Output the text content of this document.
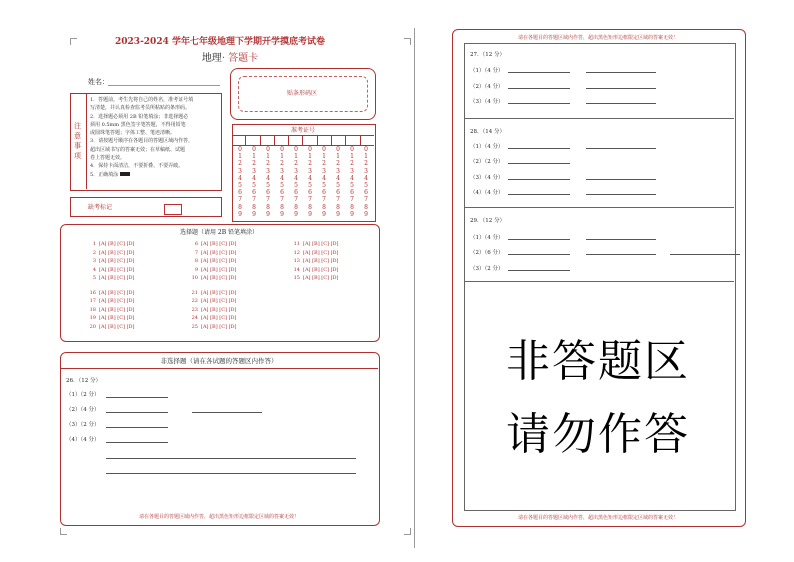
2023-2024 学年七年级地理下学期开学摸底考试卷
地理· 答题卡
姓名：
注意事项
1．答题前，考生先将自己的姓名，准考证号填
写清楚，并认真检查监考员所粘贴的条形码。
2．选择题必须用 2B 铅笔填涂；非选择题必
须用 0.5mm 黑色签字笔答题，不得用铅笔
或圆珠笔答题；字体工整、笔迹清晰。
3．请按题号顺序在各题目的答题区域内作答，
超出区域书写的答案无效；在草稿纸、试题
卷上答题无效。
4．保持卡面清洁，不要折叠、不要弄破。
5．正确填涂
贴条形码区
缺考标记
准考证号
0
1
2
3
4
5
6
7
8
9
0
1
2
3
4
5
6
7
8
9
0
1
2
3
4
5
6
7
8
9
0
1
2
3
4
5
6
7
8
9
0
1
2
3
4
5
6
7
8
9
0
1
2
3
4
5
6
7
8
9
0
1
2
3
4
5
6
7
8
9
0
1
2
3
4
5
6
7
8
9
0
1
2
3
4
5
6
7
8
9
0
1
2
3
4
5
6
7
8
9
选择题（请用 2B 铅笔填涂）
1 [A] [B] [C] [D]
2 [A] [B] [C] [D]
3 [A] [B] [C] [D]
4 [A] [B] [C] [D]
5 [A] [B] [C] [D]
16 [A] [B] [C] [D]
17 [A] [B] [C] [D]
18 [A] [B] [C] [D]
19 [A] [B] [C] [D]
20 [A] [B] [C] [D]
6 [A] [B] [C] [D]
7 [A] [B] [C] [D]
8 [A] [B] [C] [D]
9 [A] [B] [C] [D]
10 [A] [B] [C] [D]
21 [A] [B] [C] [D]
22 [A] [B] [C] [D]
23 [A] [B] [C] [D]
24 [A] [B] [C] [D]
25 [A] [B] [C] [D]
11 [A] [B] [C] [D]
12 [A] [B] [C] [D]
13 [A] [B] [C] [D]
14 [A] [B] [C] [D]
15 [A] [B] [C] [D]
非选择题（请在各试题的答题区内作答）
26．（12 分）
（1）（2 分）
（2）（4 分）
（3）（2 分）
（4）（4 分）
请在各题目的答题区域内作答，超出黑色矩形边框限定区域的答案无效！
请在各题目的答题区域内作答，超出黑色矩形边框限定区域的答案无效！
27．（12 分）
（1）（4 分）
（2）（4 分）
（3）（4 分）
28．（14 分）
（1）（4 分）
（2）（2 分）
（3）（4 分）
（4）（4 分）
29．（12 分）
（1）（4 分）
（2）（6 分）
（3）（2 分）
非答题区
请勿作答
请在各题目的答题区域内作答，超出黑色矩形边框限定区域的答案无效！
